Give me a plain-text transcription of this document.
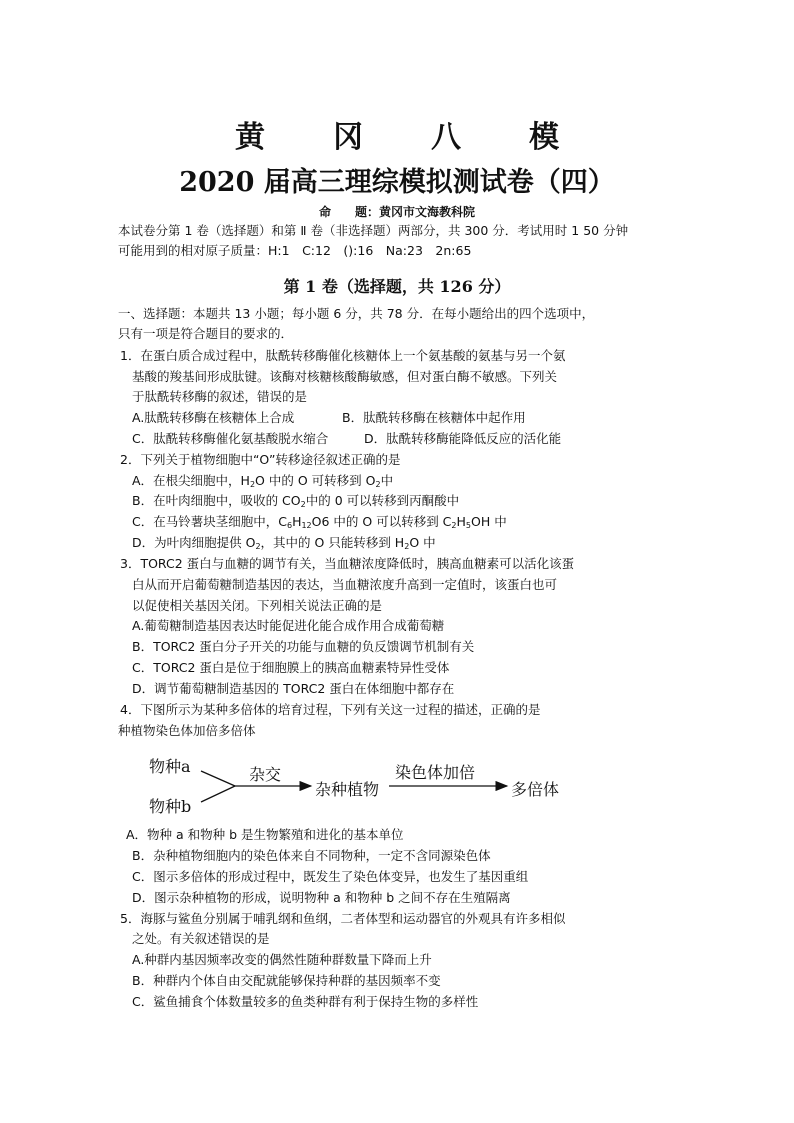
黄 冈 八 模
2020 届高三理综模拟测试卷（四）
命　　题：黄冈市文海教科院
本试卷分第 1 卷（选择题）和第 Ⅱ 卷（非选择题）两部分，共 300 分．考试用时 1 50 分钟
可能用到的相对原子质量：H:1　C:12　():16　Na:23　2n:65
第 1 卷（选择题，共 126 分）
一、选择题：本题共 13 小题；每小题 6 分，共 78 分．在每小题给出的四个选项中，
只有一项是符合题目的要求的．
1．在蛋白质合成过程中，肽酰转移酶催化核糖体上一个氨基酸的氨基与另一个氨
基酸的羧基间形成肽键。该酶对核糖核酸酶敏感，但对蛋白酶不敏感。下列关
于肽酰转移酶的叙述，错误的是
A.肽酰转移酶在核糖体上合成	B．肽酰转移酶在核糖体中起作用
C．肽酰转移酶催化氨基酸脱水缩合	D．肽酰转移酶能降低反应的活化能
2．下列关于植物细胞中“O”转移途径叙述正确的是
A．在根尖细胞中，$H_2O$ 中的 O 可转移到 $O_2$中
B．在叶肉细胞中，吸收的 $CO_2$中的 0 可以转移到丙酮酸中
C．在马铃薯块茎细胞中，$C_6H_{12}O6$ 中的 O 可以转移到 $C_2H_5OH$ 中
D．为叶肉细胞提供 $O_2$，其中的 O 只能转移到 $H_2O$ 中
3．TORC2 蛋白与血糖的调节有关，当血糖浓度降低时，胰高血糖素可以活化该蛋
白从而开启葡萄糖制造基因的表达，当血糖浓度升高到一定值时，该蛋白也可
以促使相关基因关闭。下列相关说法正确的是
A.葡萄糖制造基因表达时能促进化能合成作用合成葡萄糖
B．TORC2 蛋白分子开关的功能与血糖的负反馈调节机制有关
C．TORC2 蛋白是位于细胞膜上的胰高血糖素特异性受体
D．调节葡萄糖制造基因的 TORC2 蛋白在体细胞中都存在
4．下图所示为某种多倍体的培育过程，下列有关这一过程的描述，正确的是
种植物染色体加倍多倍体
物种a
物种b
杂交
杂种植物
染色体加倍
多倍体
A．物种 a 和物种 b 是生物繁殖和进化的基本单位
B．杂种植物细胞内的染色体来自不同物种，一定不含同源染色体
C．图示多倍体的形成过程中，既发生了染色体变异，也发生了基因重组
D．图示杂种植物的形成，说明物种 a 和物种 b 之间不存在生殖隔离
5．海豚与鲨鱼分别属于哺乳纲和鱼纲，二者体型和运动器官的外观具有许多相似
之处。有关叙述错误的是
A.种群内基因频率改变的偶然性随种群数量下降而上升
B．种群内个体自由交配就能够保持种群的基因频率不变
C．鲨鱼捕食个体数量较多的鱼类种群有利于保持生物的多样性
